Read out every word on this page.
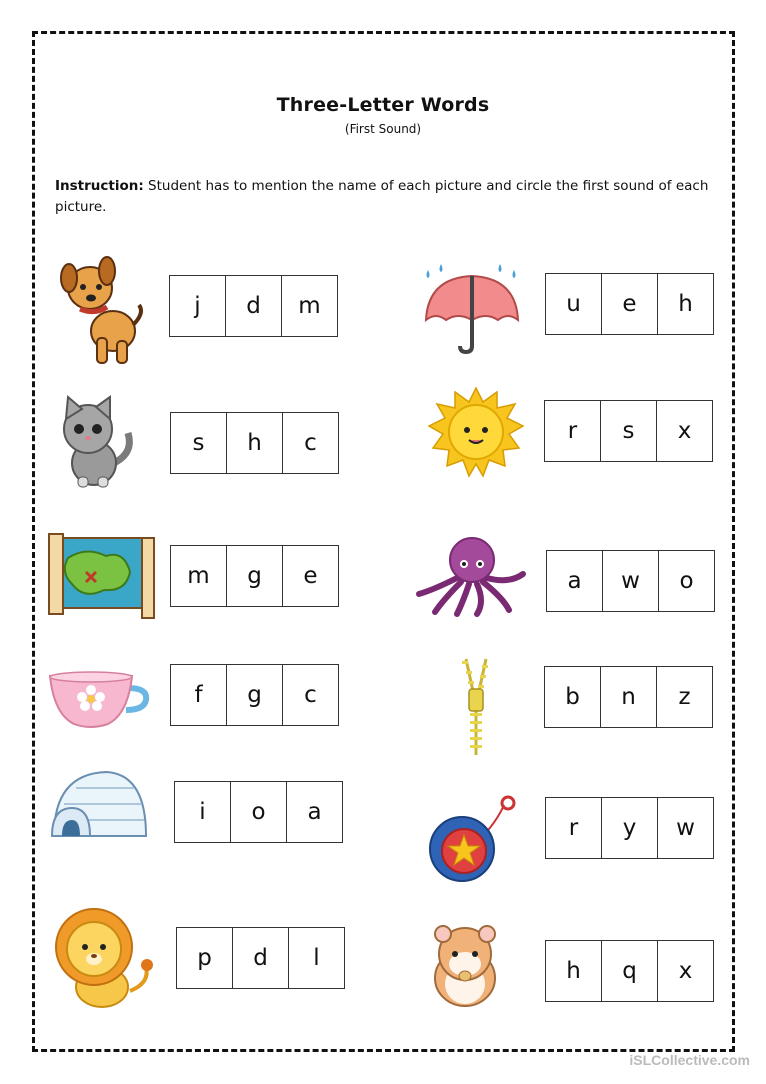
Three-Letter Words
(First Sound)
Instruction: Student has to mention the name of each picture and circle the first sound of each picture.
j	d	m	u	e	h
s	h	c	r	s	x
m	g	e	a	w	o
f	g	c	b	n	z
i	o	a
r	y	w
p	d	l	h	q	x
iSLCollective.com
